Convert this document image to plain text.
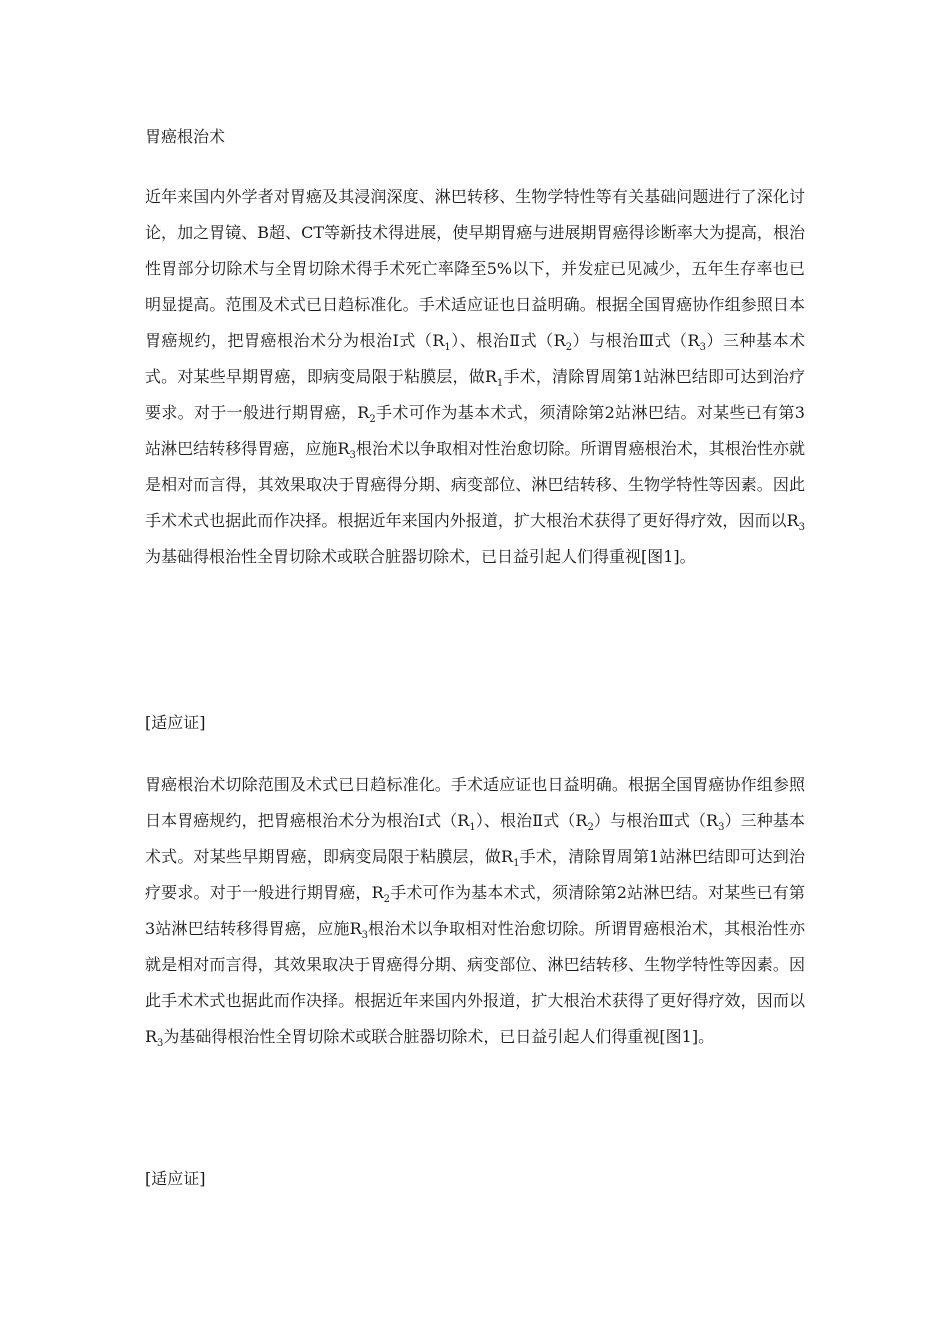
胃癌根治术
近年来国内外学者对胃癌及其浸润深度、淋巴转移、生物学特性等有关基础问题进行了深化讨论，加之胃镜、B超、CT等新技术得进展，使早期胃癌与进展期胃癌得诊断率大为提高，根治性胃部分切除术与全胃切除术得手术死亡率降至5%以下，并发症已见减少，五年生存率也已明显提高。范围及术式已日趋标准化。手术适应证也日益明确。根据全国胃癌协作组参照日本胃癌规约，把胃癌根治术分为根治Ⅰ式$(R_1)$、根治Ⅱ式$(R_2)$与根治Ⅲ式$(R_3)$三种基本术式。对某些早期胃癌，即病变局限于粘膜层，做$R_1$手术，清除胃周第1站淋巴结即可达到治疗要求。对于一般进行期胃癌，$R_2$手术可作为基本术式，须清除第2站淋巴结。对某些已有第3站淋巴结转移得胃癌，应施$R_3$根治术以争取相对性治愈切除。所谓胃癌根治术，其根治性亦就是相对而言得，其效果取决于胃癌得分期、病变部位、淋巴结转移、生物学特性等因素。因此手术术式也据此而作决择。根据近年来国内外报道，扩大根治术获得了更好得疗效，因而以$R_3$为基础得根治性全胃切除术或联合脏器切除术，已日益引起人们得重视[图1]。
[适应证]
胃癌根治术切除范围及术式已日趋标准化。手术适应证也日益明确。根据全国胃癌协作组参照日本胃癌规约，把胃癌根治术分为根治Ⅰ式$(R_1)$、根治Ⅱ式$(R_2)$与根治Ⅲ式$(R_3)$三种基本术式。对某些早期胃癌，即病变局限于粘膜层，做$R_1$手术，清除胃周第1站淋巴结即可达到治疗要求。对于一般进行期胃癌，$R_2$手术可作为基本术式，须清除第2站淋巴结。对某些已有第3站淋巴结转移得胃癌，应施$R_3$根治术以争取相对性治愈切除。所谓胃癌根治术，其根治性亦就是相对而言得，其效果取决于胃癌得分期、病变部位、淋巴结转移、生物学特性等因素。因此手术术式也据此而作决择。根据近年来国内外报道，扩大根治术获得了更好得疗效，因而以$R_3$为基础得根治性全胃切除术或联合脏器切除术，已日益引起人们得重视[图1]。
[适应证]
